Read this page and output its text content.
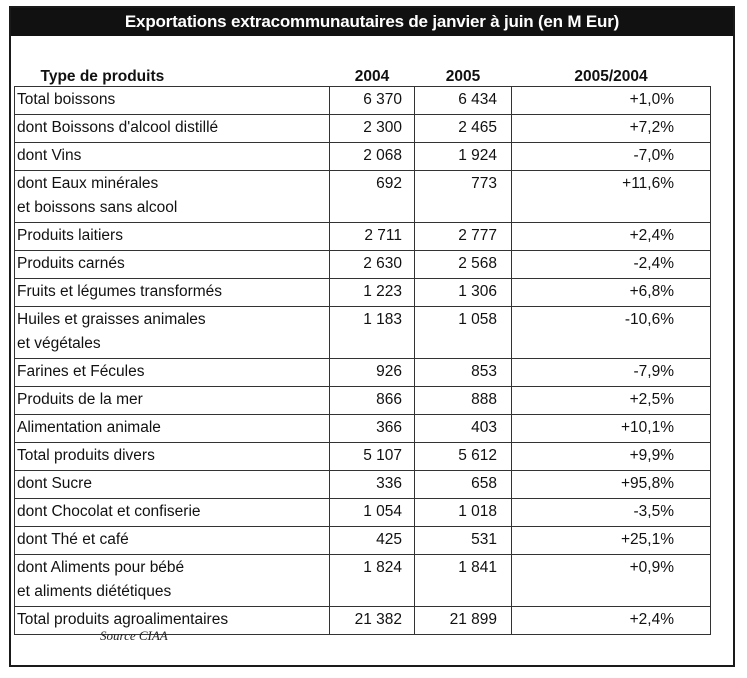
Exportations extracommunautaires de janvier à juin (en M Eur)
Type de produits	2004	2005	2005/2004

Total boissons	6 370	6 434	+1,0%

dont Boissons d'alcool distillé	2 300	2 465	+7,2%

dont Vins	2 068	1 924	-7,0%

dont Eaux minérales
et boissons sans alcool	692	773	+11,6%

Produits laitiers	2 711	2 777	+2,4%

Produits carnés	2 630	2 568	-2,4%

Fruits et légumes transformés	1 223	1 306	+6,8%

Huiles et graisses animales
et végétales	1 183	1 058	-10,6%

Farines et Fécules	926	853	-7,9%

Produits de la mer	866	888	+2,5%

Alimentation animale	366	403	+10,1%

Total produits divers	5 107	5 612	+9,9%

dont Sucre	336	658	+95,8%

dont Chocolat et confiserie	1 054	1 018	-3,5%

dont Thé et café	425	531	+25,1%

dont Aliments pour bébé
et aliments diététiques	1 824	1 841	+0,9%

Total produits agroalimentaires	21 382	21 899	+2,4%
Source CIAA
